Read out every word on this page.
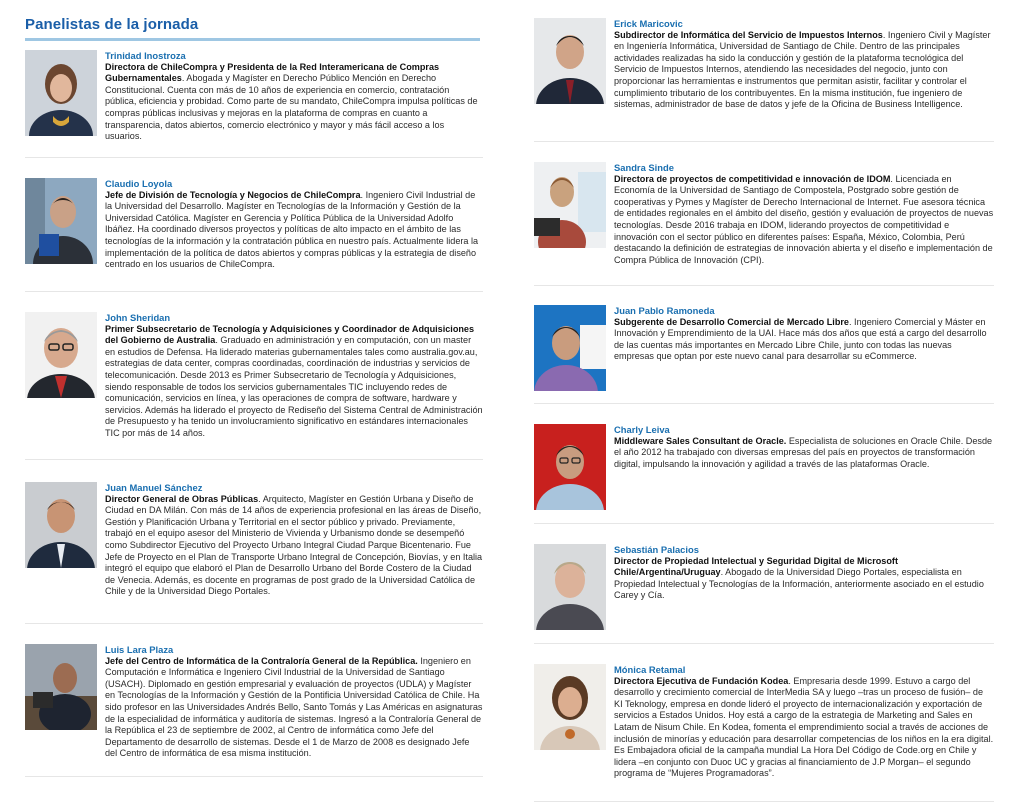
Panelistas de la jornada
Trinidad Inostroza
Directora de ChileCompra y Presidenta de la Red Interamericana de Compras Gubernamentales. Abogada y Magíster en Derecho Público Mención en Derecho Constitucional. Cuenta con más de 10 años de experiencia en comercio, contratación pública, eficiencia y probidad. Como parte de su mandato, ChileCompra impulsa políticas de compras públicas inclusivas y mejoras en la plataforma de compras en cuanto a transparencia, datos abiertos, comercio electrónico y mayor y más fácil acceso a los usuarios.
Claudio Loyola
Jefe de División de Tecnología y Negocios de ChileCompra. Ingeniero Civil Industrial de la Universidad del Desarrollo. Magíster en Tecnologías de la Información y Gestión de la Universidad Católica. Magíster en Gerencia y Política Pública de la Universidad Adolfo Ibáñez. Ha coordinado diversos proyectos y políticas de alto impacto en el ámbito de las tecnologías de la información y la contratación pública en nuestro país. Actualmente lidera la implementación de la política de datos abiertos y compras públicas y la estrategia de diseño centrado en los usuarios de ChileCompra.
John Sheridan
Primer Subsecretario de Tecnología y Adquisiciones y Coordinador de Adquisiciones del Gobierno de Australia. Graduado en administración y en computación, con un master en estudios de Defensa. Ha liderado materias gubernamentales tales como australia.gov.au, estrategias de data center, compras coordinadas, coordinación de industrias y servicios de telecomunicación. Desde 2013 es Primer Subsecretario de Tecnología y Adquisiciones, siendo responsable de todos los servicios gubernamentales TIC incluyendo redes de comunicación, servicios en línea, y las operaciones de compra de software, hardware y servicios. Además ha liderado el proyecto de Rediseño del Sistema Central de Administración de Presupuesto y ha tenido un involucramiento significativo en estándares internacionales TIC por más de 14 años.
Juan Manuel Sánchez
Director General de Obras Públicas. Arquitecto, Magíster en Gestión Urbana y Diseño de Ciudad en DA Milán. Con más de 14 años de experiencia profesional en las áreas de Diseño, Gestión y Planificación Urbana y Territorial en el sector público y privado. Previamente, trabajó en el equipo asesor del Ministerio de Vivienda y Urbanismo donde se desempeñó como Subdirector Ejecutivo del Proyecto Urbano Integral Ciudad Parque Bicentenario. Fue Jefe de Proyecto en el Plan de Transporte Urbano Integral de Concepción, Biovías, y en Italia integró el equipo que elaboró el Plan de Desarrollo Urbano del Borde Costero de la Ciudad de Venecia. Además, es docente en programas de post grado de la Universidad Católica de Chile y de la Universidad Diego Portales.
Luis Lara Plaza
Jefe del Centro de Informática de la Contraloría General de la República. Ingeniero en Computación e Informática e Ingeniero Civil Industrial de la Universidad de Santiago (USACH). Diplomado en gestión empresarial y evaluación de proyectos (UDLA) y Magíster en Tecnologías de la Información y Gestión de la Pontificia Universidad Católica de Chile. Ha sido profesor en las Universidades Andrés Bello, Santo Tomás y Las Américas en asignaturas de la especialidad de informática y auditoría de sistemas. Ingresó a la Contraloría General de la República el 23 de septiembre de 2002, al Centro de informática como Jefe del Departamento de desarrollo de sistemas. Desde el 1 de Marzo de 2008 es designado Jefe del Centro de informática de esa misma institución.
Erick Maricovic
Subdirector de Informática del Servicio de Impuestos Internos. Ingeniero Civil y Magíster en Ingeniería Informática, Universidad de Santiago de Chile. Dentro de las principales actividades realizadas ha sido la conducción y gestión de la plataforma tecnológica del Servicio de Impuestos Internos, atendiendo las necesidades del negocio, junto con proporcionar las herramientas e instrumentos que permitan asistir, facilitar y controlar el cumplimiento tributario de los contribuyentes. En la misma institución, fue ingeniero de sistemas, administrador de base de datos y jefe de la Oficina de Business Intelligence.
Sandra Sinde
Directora de proyectos de competitividad e innovación de IDOM. Licenciada en Economía de la Universidad de Santiago de Compostela, Postgrado sobre gestión de cooperativas y Pymes y Magíster de Derecho Internacional de Internet. Fue asesora técnica de entidades regionales en el ámbito del diseño, gestión y evaluación de proyectos de nuevas tecnologías. Desde 2016 trabaja en IDOM, liderando proyectos de competitividad e innovación con el sector público en diferentes países: España, México, Colombia, Perú destacando la definición de estrategias de innovación abierta y el diseño e implementación de Compra Pública de Innovación (CPI).
Juan Pablo Ramoneda
Subgerente de Desarrollo Comercial de Mercado Libre. Ingeniero Comercial y Máster en Innovación y Emprendimiento de la UAI. Hace más dos años que está a cargo del desarrollo de las cuentas más importantes en Mercado Libre Chile, junto con todas las nuevas empresas que optan por este nuevo canal para desarrollar su eCommerce.
Charly Leiva
Middleware Sales Consultant de Oracle. Especialista de soluciones en Oracle Chile. Desde el año 2012 ha trabajado con diversas empresas del país en proyectos de transformación digital, impulsando la innovación y agilidad a través de las plataformas Oracle.
Sebastián Palacios
Director de Propiedad Intelectual y Seguridad Digital de Microsoft Chile/Argentina/Uruguay. Abogado de la Universidad Diego Portales, especialista en Propiedad Intelectual y Tecnologías de la Información, anteriormente asociado en el estudio Carey y Cía.
Mónica Retamal
Directora Ejecutiva de Fundación Kodea. Empresaria desde 1999. Estuvo a cargo del desarrollo y crecimiento comercial de InterMedia SA y luego –tras un proceso de fusión– de KI Teknology, empresa en donde lideró el proyecto de internacionalización y exportación de servicios a Estados Unidos. Hoy está a cargo de la estrategia de Marketing and Sales en Latam de Nisum Chile. En Kodea, fomenta el emprendimiento social a través de acciones de inclusión de minorías y educación para desarrollar competencias de los niños en la era digital. Es Embajadora oficial de la campaña mundial La Hora Del Código de Code.org en Chile y lidera –en conjunto con Duoc UC y gracias al financiamiento de J.P Morgan– el segundo programa de “Mujeres Programadoras”.
